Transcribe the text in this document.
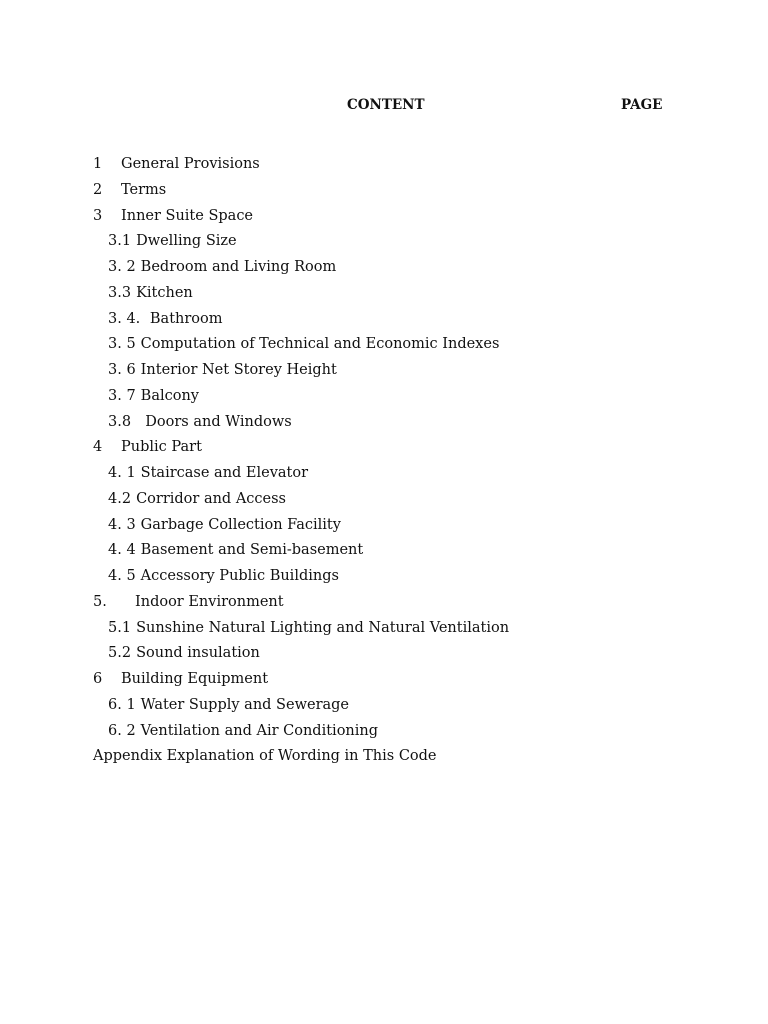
CONTENT	PAGE
1 General Provisions
2 Terms
3 Inner Suite Space
3.1 Dwelling Size
3. 2 Bedroom and Living Room
3.3 Kitchen
3. 4. Bathroom
3. 5 Computation of Technical and Economic Indexes
3. 6 Interior Net Storey Height
3. 7 Balcony
3.8  Doors and Windows
4 Public Part
4. 1 Staircase and Elevator
4.2 Corridor and Access
4. 3 Garbage Collection Facility
4. 4 Basement and Semi-basement
4. 5 Accessory Public Buildings
5. Indoor Environment
5.1 Sunshine Natural Lighting and Natural Ventilation
5.2 Sound insulation
6 Building Equipment
6. 1 Water Supply and Sewerage
6. 2 Ventilation and Air Conditioning
Appendix Explanation of Wording in This Code
